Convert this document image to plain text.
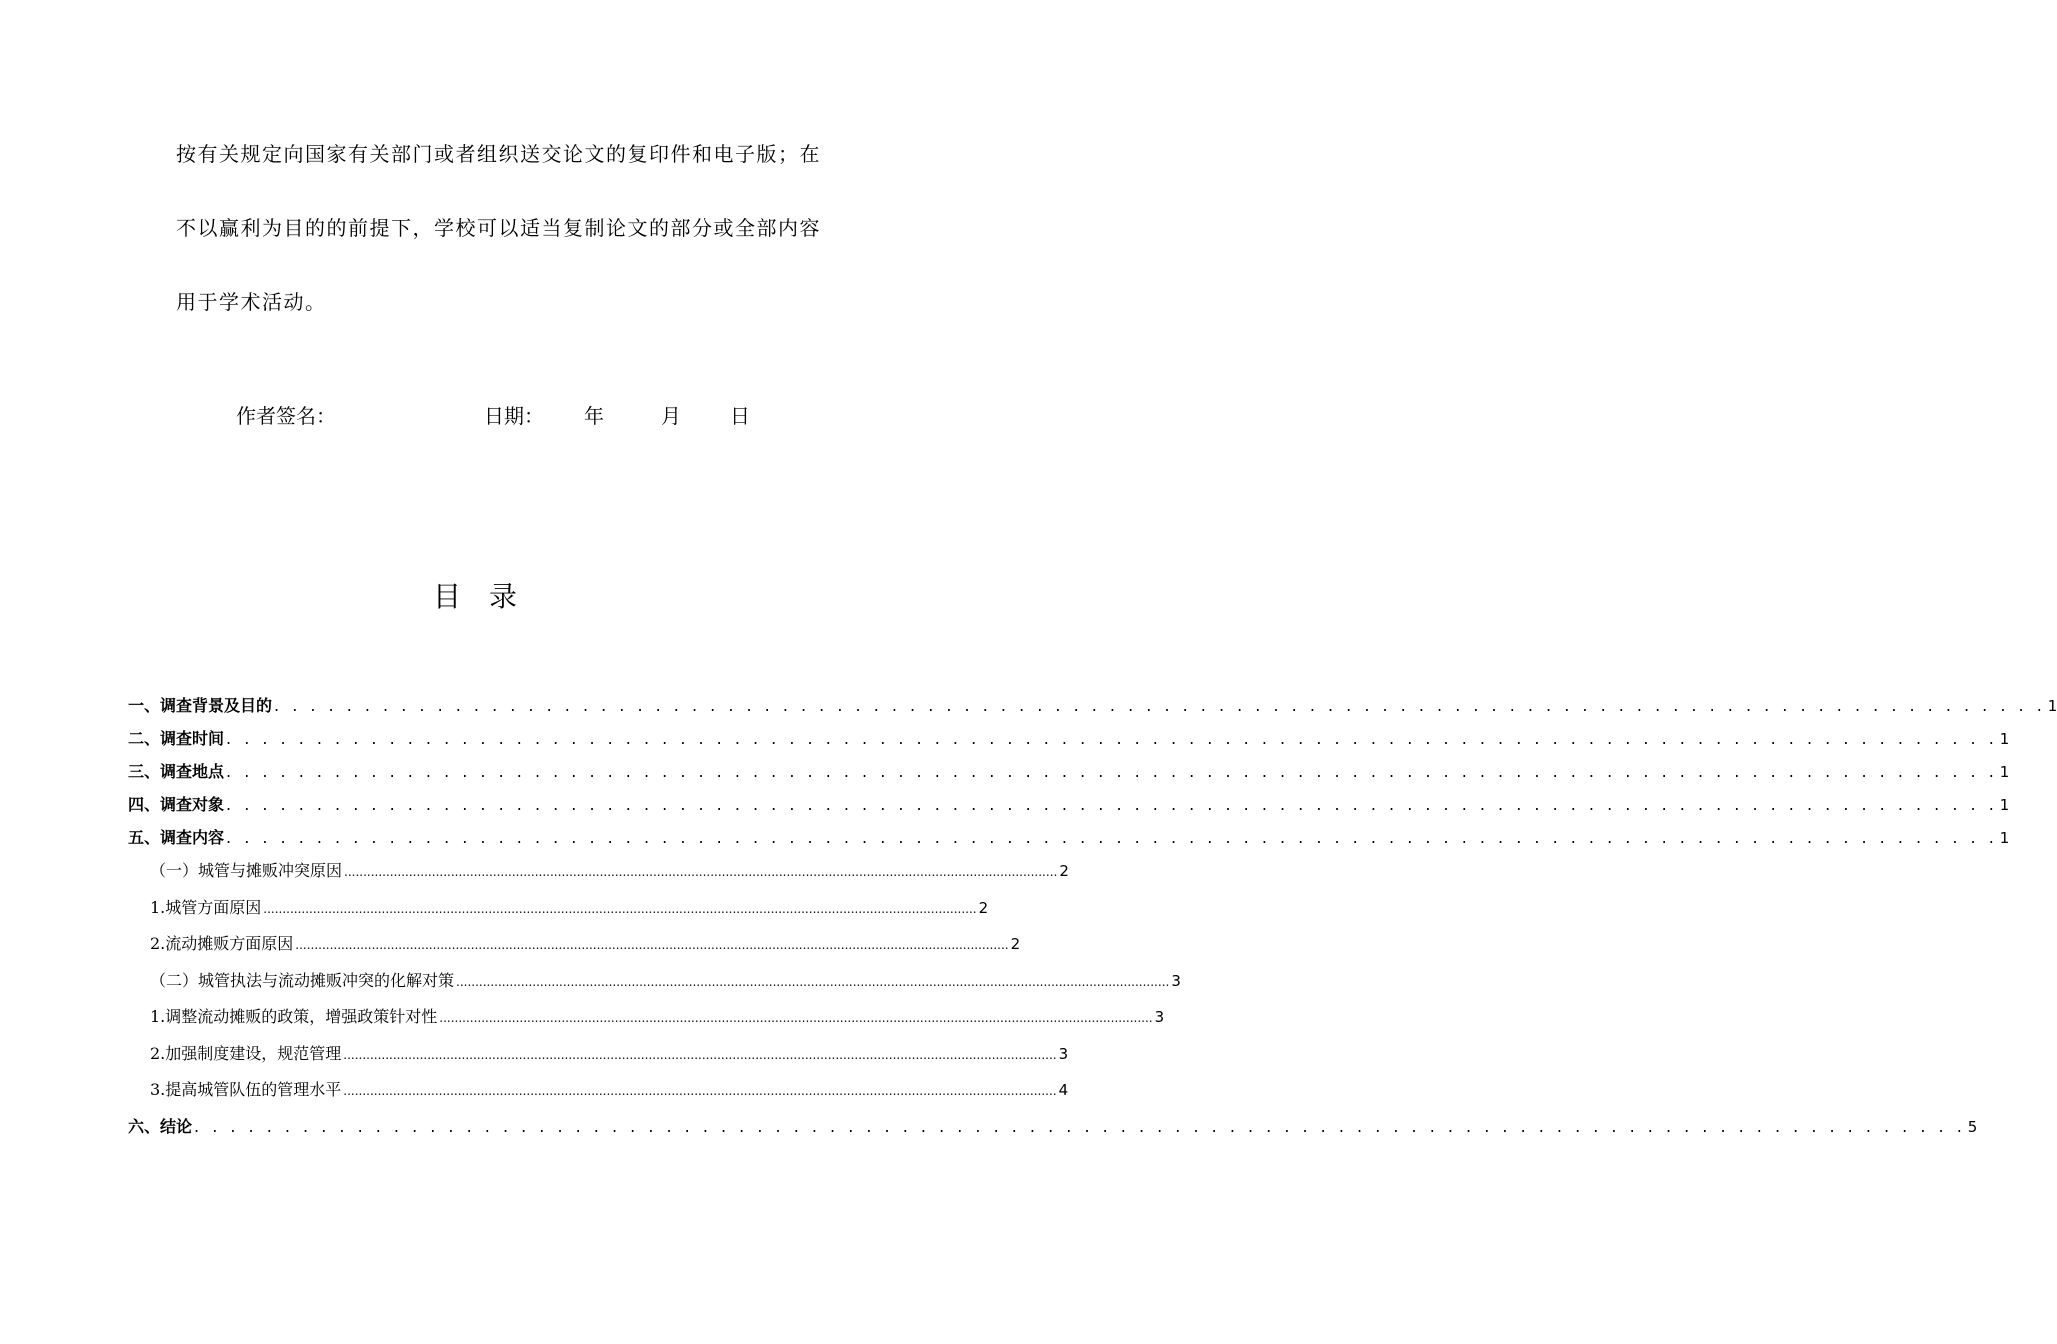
按有关规定向国家有关部门或者组织送交论文的复印件和电子版；在
不以赢利为目的的前提下，学校可以适当复制论文的部分或全部内容
用于学术活动。

作者签名：	日期： 年	月 日
目 录
一、调查背景及目的 . . . . . . . . . . . . . . . . . . . . . . . . . . . . . . . . . . . . . . . . . . . . . . . . . . . . . . . . . . . . . . . . . . . . . . . . . . . . . . . . . . . . . . . . . . . . . . . . . . 1
二、调查时间 . . . . . . . . . . . . . . . . . . . . . . . . . . . . . . . . . . . . . . . . . . . . . . . . . . . . . . . . . . . . . . . . . . . . . . . . . . . . . . . . . . . . . . . . . . . . . . . . . . 1
三、调查地点 . . . . . . . . . . . . . . . . . . . . . . . . . . . . . . . . . . . . . . . . . . . . . . . . . . . . . . . . . . . . . . . . . . . . . . . . . . . . . . . . . . . . . . . . . . . . . . . . . . 1
四、调查对象 . . . . . . . . . . . . . . . . . . . . . . . . . . . . . . . . . . . . . . . . . . . . . . . . . . . . . . . . . . . . . . . . . . . . . . . . . . . . . . . . . . . . . . . . . . . . . . . . . . 1
五、调查内容 . . . . . . . . . . . . . . . . . . . . . . . . . . . . . . . . . . . . . . . . . . . . . . . . . . . . . . . . . . . . . . . . . . . . . . . . . . . . . . . . . . . . . . . . . . . . . . . . . . 1
（一）城管与摊贩冲突原因 ........................................................................................................................................................................................... 2
1.城管方面原因 ........................................................................................................................................................................................... 2
2.流动摊贩方面原因 ........................................................................................................................................................................................... 2
（二）城管执法与流动摊贩冲突的化解对策 ........................................................................................................................................................................................... 3
1.调整流动摊贩的政策，增强政策针对性 ........................................................................................................................................................................................... 3
2.加强制度建设，规范管理 ........................................................................................................................................................................................... 3
3.提高城管队伍的管理水平 ........................................................................................................................................................................................... 4
六、结论 . . . . . . . . . . . . . . . . . . . . . . . . . . . . . . . . . . . . . . . . . . . . . . . . . . . . . . . . . . . . . . . . . . . . . . . . . . . . . . . . . . . . . . . . . . . . . . . . . . 5
